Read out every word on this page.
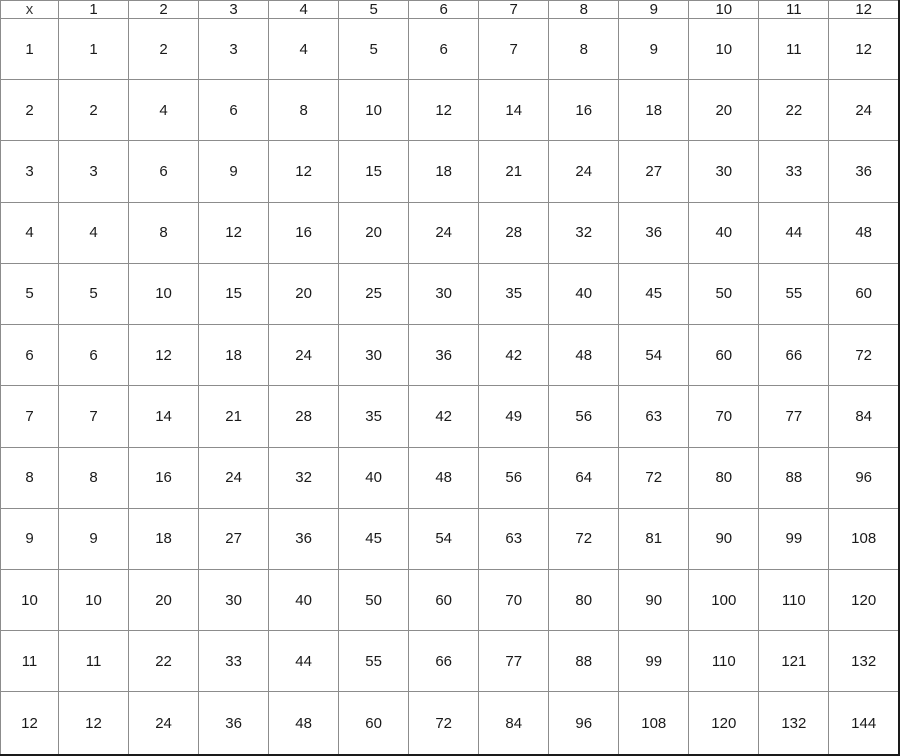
x	1	2	3	4	5	6	7	8	9	10	11	12
1	1	2	3	4	5	6	7	8	9	10	11	12
2	2	4	6	8	10	12	14	16	18	20	22	24
3	3	6	9	12	15	18	21	24	27	30	33	36
4	4	8	12	16	20	24	28	32	36	40	44	48
5	5	10	15	20	25	30	35	40	45	50	55	60
6	6	12	18	24	30	36	42	48	54	60	66	72
7	7	14	21	28	35	42	49	56	63	70	77	84
8	8	16	24	32	40	48	56	64	72	80	88	96
9	9	18	27	36	45	54	63	72	81	90	99	108
10	10	20	30	40	50	60	70	80	90	100	110	120
11	11	22	33	44	55	66	77	88	99	110	121	132
12	12	24	36	48	60	72	84	96	108	120	132	144
